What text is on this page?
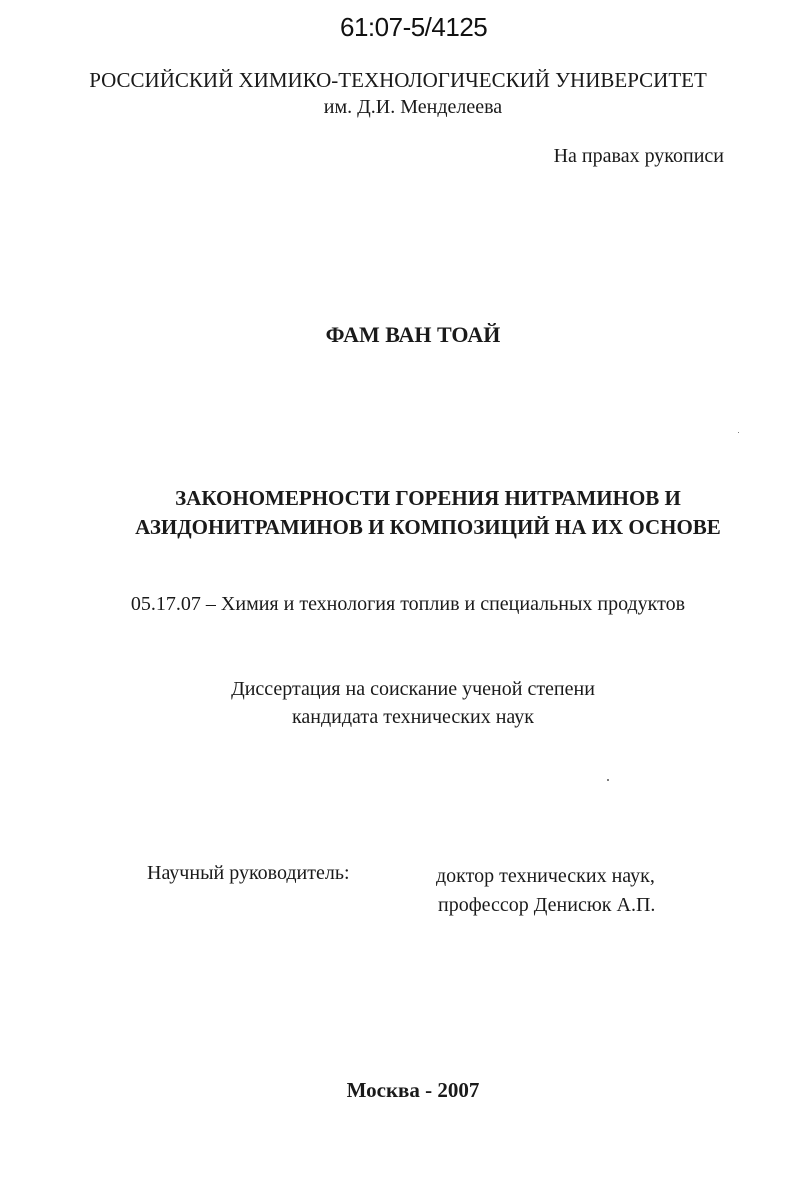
61:07-5/4125
РОССИЙСКИЙ ХИМИКО-ТЕХНОЛОГИЧЕСКИЙ УНИВЕРСИТЕТ
им. Д.И. Менделеева
На правах рукописи
ФАМ ВАН ТОАЙ
ЗАКОНОМЕРНОСТИ ГОРЕНИЯ НИТРАМИНОВ И
АЗИДОНИТРАМИНОВ И КОМПОЗИЦИЙ НА ИХ ОСНОВЕ
05.17.07 – Химия и технология топлив и специальных продуктов
Диссертация на соискание ученой степени
кандидата технических наук
Научный руководитель:	доктор технических наук,
профессор Денисюк А.П.
Москва - 2007
